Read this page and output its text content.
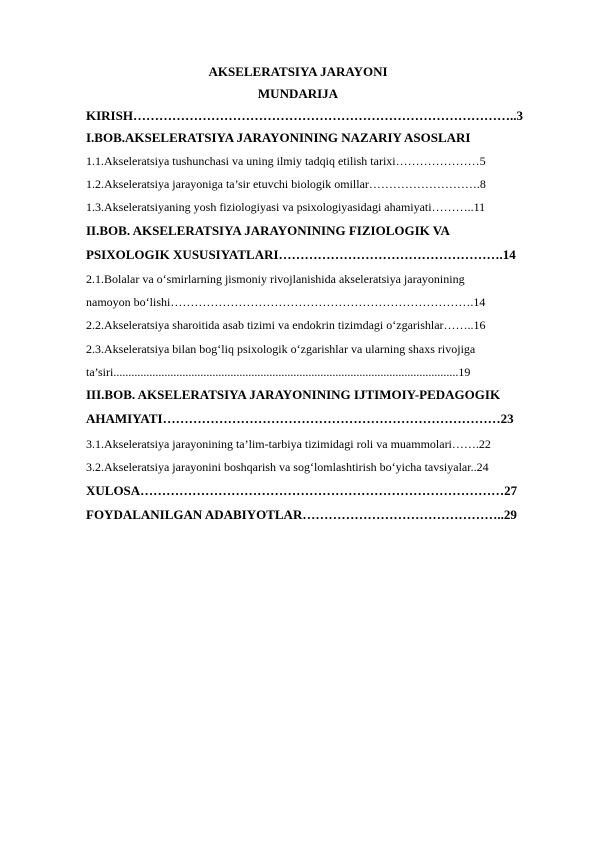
AKSELERATSIYA JARAYONI
MUNDARIJA
KIRISH……………………………………………………………………………..3
I.BOB.AKSELERATSIYA JARAYONINING NAZARIY ASOSLARI
1.1.Akseleratsiya tushunchasi va uning ilmiy tadqiq etilish tarixi…………………5
1.2.Akseleratsiya jarayoniga ta’sir etuvchi biologik omillar……………………….8
1.3.Akseleratsiyaning yosh fiziologiyasi va psixologiyasidagi ahamiyati………..11
II.BOB. AKSELERATSIYA JARAYONINING FIZIOLOGIK VA
PSIXOLOGIK XUSUSIYATLARI…………………………………………….14
2.1.Bolalar va o‘smirlarning jismoniy rivojlanishida akseleratsiya jarayonining
namoyon bo‘lishi………………………………………………………………….14
2.2.Akseleratsiya sharoitida asab tizimi va endokrin tizimdagi o‘zgarishlar……..16
2.3.Akseleratsiya bilan bog‘liq psixologik o‘zgarishlar va ularning shaxs rivojiga
ta’siri...................................................................................................................19
III.BOB. AKSELERATSIYA JARAYONINING IJTIMOIY-PEDAGOGIK
AHAMIYATI……………………………………………………………………23
3.1.Akseleratsiya jarayonining ta’lim-tarbiya tizimidagi roli va muammolari…….22
3.2.Akseleratsiya jarayonini boshqarish va sog‘lomlashtirish bo‘yicha tavsiyalar..24
XULOSA…………………………………………………………………………27
FOYDALANILGAN ADABIYOTLAR………………………………………..29
